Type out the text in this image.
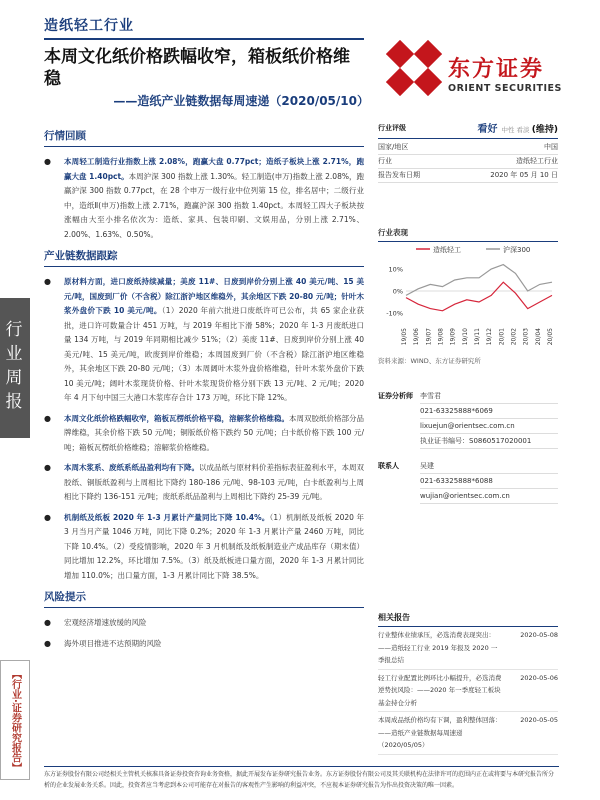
造纸轻工行业
本周文化纸价格跌幅收窄，箱板纸价格维稳
——造纸产业链数据每周速递（2020/05/10）
东方证券
ORIENT SECURITIES
行业周报
【行业·证券研究报告】
行情回顾
● 本周轻工制造行业指数上涨 2.08%，跑赢大盘 0.77pct；造纸子板块上涨 2.71%，跑赢大盘 1.40pct。本周沪深 300 指数上涨 1.30%。轻工制造(申万)指数上涨 2.08%，跑赢沪深 300 指数 0.77pct，在 28 个申万一级行业中位列第 15 位，排名居中；二级行业中，造纸Ⅱ(申万)指数上涨 2.71%，跑赢沪深 300 指数 1.40pct。本周轻工四大子板块按涨幅由大至小排名依次为：造纸、家具、包装印刷、文娱用品，分别上涨 2.71%、2.00%、1.63%、0.50%。
产业链数据跟踪
● 原材料方面，进口废纸持续减量；美废 11#、日废到岸价分别上涨 40 美元/吨、15 美元/吨，国废到厂价（不含税）除江浙沪地区维稳外，其余地区下跌 20-80 元/吨；针叶木浆外盘价下跌 10 美元/吨。（1）2020 年前六批进口废纸许可已公布，共 65 家企业获批，进口许可数量合计 451 万吨，与 2019 年相比下滑 58%；2020 年 1-3 月废纸进口量 134 万吨，与 2019 年同期相比减少 51%；（2）美废 11#、日废到岸价分别上涨 40 美元/吨、15 美元/吨，欧废到岸价维稳；本周国废到厂价（不含税）除江浙沪地区维稳外，其余地区下跌 20-80 元/吨；（3）本周阔叶木浆外盘价格维稳，针叶木浆外盘价下跌 10 美元/吨；阔叶木浆现货价格、针叶木浆现货价格分别下跌 13 元/吨、2 元/吨；2020 年 4 月下旬中国三大港口木浆库存合计 173 万吨，环比下降 12%。
● 本周文化纸价格跌幅收窄，箱板瓦楞纸价格平稳，溶解浆价格维稳。本周双胶纸价格部分品牌维稳，其余价格下跌 50 元/吨；铜版纸价格下跌约 50 元/吨；白卡纸价格下跌 100 元/吨；箱板瓦楞纸价格维稳；溶解浆价格维稳。
● 本周木浆系、废纸系纸品盈利均有下降。以成品纸与原材料价差指标表征盈利水平，本周双胶纸、铜版纸盈利与上周相比下降约 180-186 元/吨、98-103 元/吨，白卡纸盈利与上周相比下降约 136-151 元/吨；废纸系纸品盈利与上周相比下降约 25-39 元/吨。
● 机制纸及纸板 2020 年 1-3 月累计产量同比下降 10.4%。（1）机制纸及纸板 2020 年 3 月当月产量 1046 万吨，同比下降 0.2%；2020 年 1-3 月累计产量 2460 万吨，同比下降 10.4%。（2）受疫情影响，2020 年 3 月机制纸及纸板制造业产成品库存（期末值）同比增加 12.2%，环比增加 7.5%。（3）纸及纸板进口量方面，2020 年 1-3 月累计同比增加 110.0%；出口量方面，1-3 月累计同比下降 38.5%。
风险提示
● 宏观经济增速放缓的风险
● 海外项目推进不达预期的风险
行业评级	看好 中性 看淡 (维持)
国家/地区	中国
行业	造纸轻工行业
报告发布日期	2020 年 05 月 10 日
行业表现
造纸轻工	沪深300
10%
0%
-10%
19/05 19/06 19/07 19/08 19/09 19/10 19/11 19/12 20/01 20/02 20/03 20/04 20/05
资料来源：WIND、东方证券研究所
证券分析师	李雪君
021-63325888*6069
lixuejun@orientsec.com.cn
执业证书编号：S0860517020001
联系人	吴建
021-63325888*6088
wujian@orientsec.com.cn
相关报告
行业整体业绩承压，必选消费表现突出：——造纸轻工行业 2019 年报及 2020 一季报总结
2020-05-08
轻工行业配置比例环比小幅提升，必选消费逆势抗风险：——2020 年一季度轻工板块基金持仓分析
2020-05-06
本周成品纸价格均有下调，盈利整体回落：——造纸产业链数据每周速递（2020/05/05）
2020-05-05
东方证券股份有限公司经相关主管机关核准具备证券投资咨询业务资格，据此开展发布证券研究报告业务。东方证券股份有限公司及其关联机构在法律许可的范围内正在或将要与本研究报告所分析的企业发展业务关系。因此，投资者应当考虑到本公司可能存在对报告的客观性产生影响的利益冲突，不应视本证券研究报告为作出投资决策的唯一因素。
